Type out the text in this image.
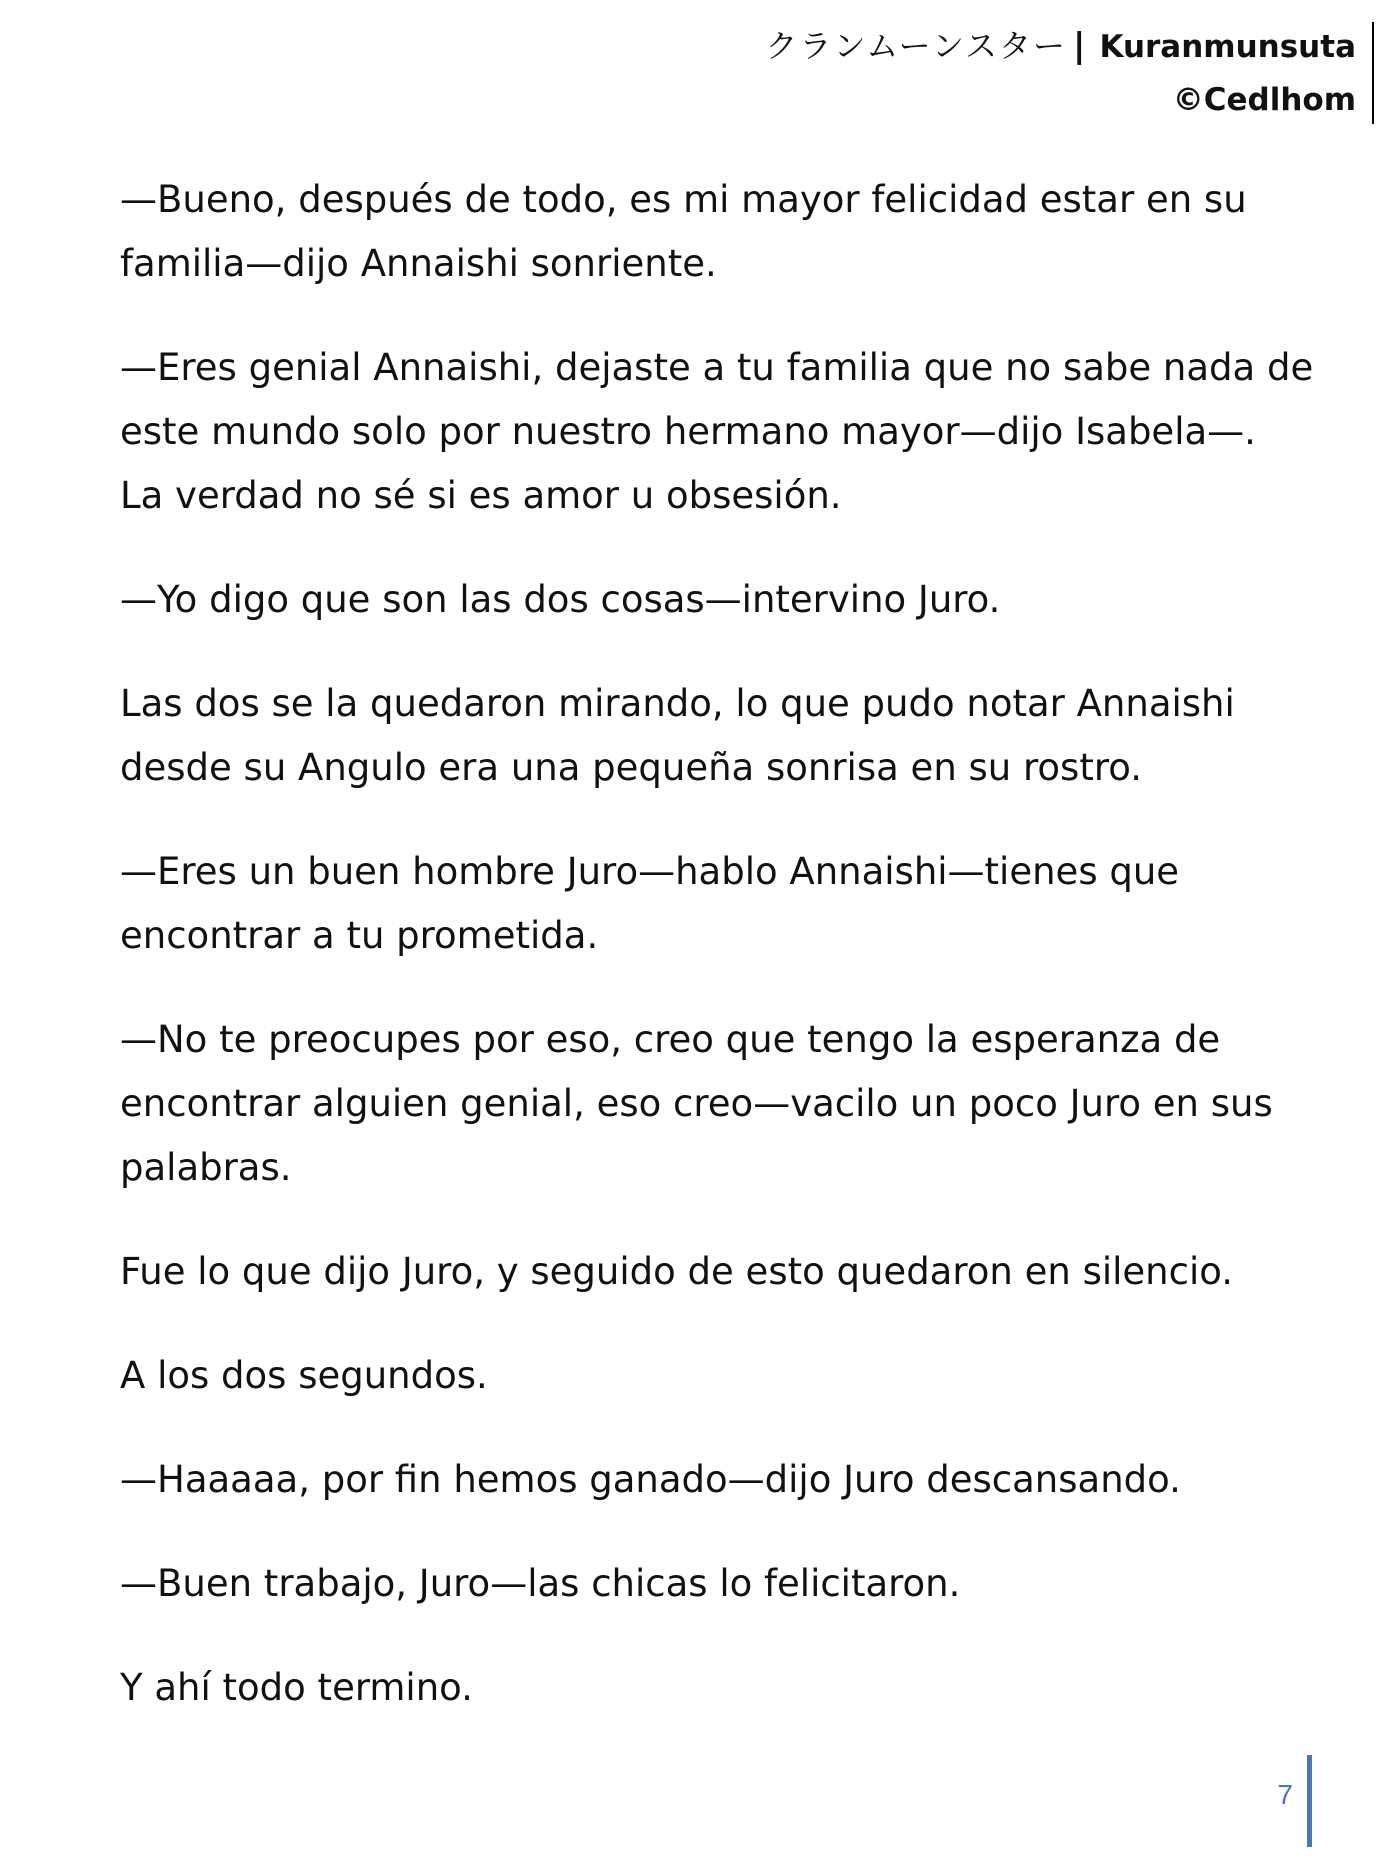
クランムーンスター | Kuranmunsuta
©Cedlhom

—Bueno, después de todo, es mi mayor felicidad estar en su
familia—dijo Annaishi sonriente.

—Eres genial Annaishi, dejaste a tu familia que no sabe nada de
este mundo solo por nuestro hermano mayor—dijo Isabela—.
La verdad no sé si es amor u obsesión.

—Yo digo que son las dos cosas—intervino Juro.

Las dos se la quedaron mirando, lo que pudo notar Annaishi
desde su Angulo era una pequeña sonrisa en su rostro.

—Eres un buen hombre Juro—hablo Annaishi—tienes que
encontrar a tu prometida.

—No te preocupes por eso, creo que tengo la esperanza de
encontrar alguien genial, eso creo—vacilo un poco Juro en sus
palabras.

Fue lo que dijo Juro, y seguido de esto quedaron en silencio.

A los dos segundos.

—Haaaaa, por fin hemos ganado—dijo Juro descansando.

—Buen trabajo, Juro—las chicas lo felicitaron.

Y ahí todo termino.

7
